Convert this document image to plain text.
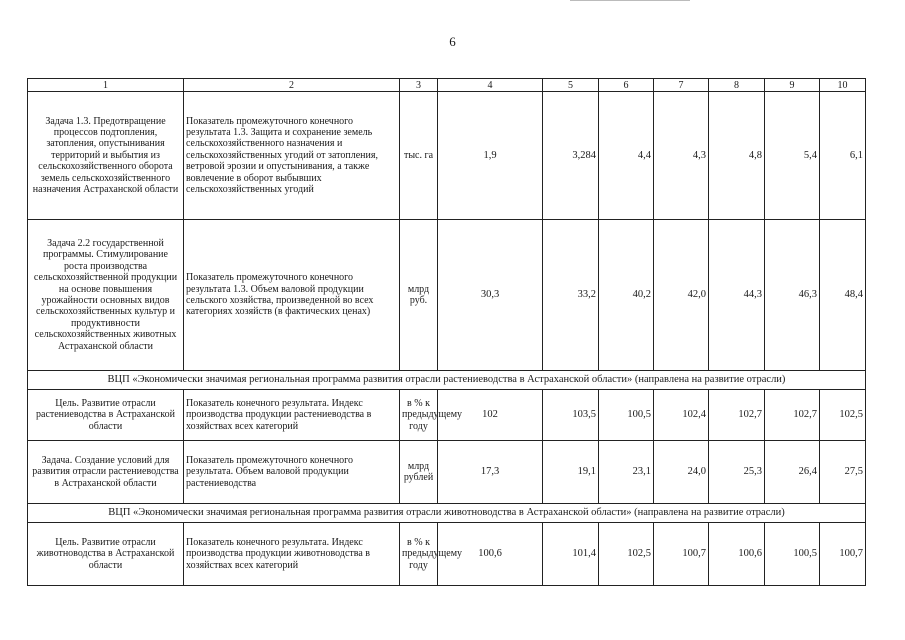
6
1	2	3	4	5	6	7	8	9	10
Задача 1.3. Предотвращение процессов подтопления, затопления, опустынивания территорий и выбытия из сельскохозяйственного оборота земель сельскохозяйственного назначения Астраханской области	Показатель промежуточного конечного результата 1.3. Защита и сохранение земель сельскохозяйственного назначения и сельскохозяйственных угодий от затопления, ветровой эрозии и опустынивания, а также вовлечение в оборот выбывших сельскохозяйственных угодий	тыс. га	1,9	3,284	4,4	4,3	4,8	5,4	6,1
Задача 2.2 государственной программы. Стимулирование роста производства сельскохозяйственной продукции на основе повышения урожайности основных видов сельскохозяйственных культур и продуктивности сельскохозяйственных животных Астраханской области	Показатель промежуточного конечного результата 1.3. Объем валовой продукции сельского хозяйства, произведенной во всех категориях хозяйств (в фактических ценах)	млрд руб.	30,3	33,2	40,2	42,0	44,3	46,3	48,4
ВЦП «Экономически значимая региональная программа развития отрасли растениеводства в Астраханской области» (направлена на развитие отрасли)									
Цель. Развитие отрасли растениеводства в Астраханской области	Показатель конечного результата. Индекс производства продукции растениеводства в хозяйствах всех категорий	в % к предыдущему году	102	103,5	100,5	102,4	102,7	102,7	102,5
Задача. Создание условий для развития отрасли растениеводства в Астраханской области	Показатель промежуточного конечного результата. Объем валовой продукции растениеводства	млрд рублей	17,3	19,1	23,1	24,0	25,3	26,4	27,5
ВЦП «Экономически значимая региональная программа развития отрасли животноводства в Астраханской области» (направлена на развитие отрасли)									
Цель. Развитие отрасли животноводства в Астраханской области	Показатель конечного результата. Индекс производства продукции животноводства в хозяйствах всех категорий	в % к предыдущему году	100,6	101,4	102,5	100,7	100,6	100,5	100,7
